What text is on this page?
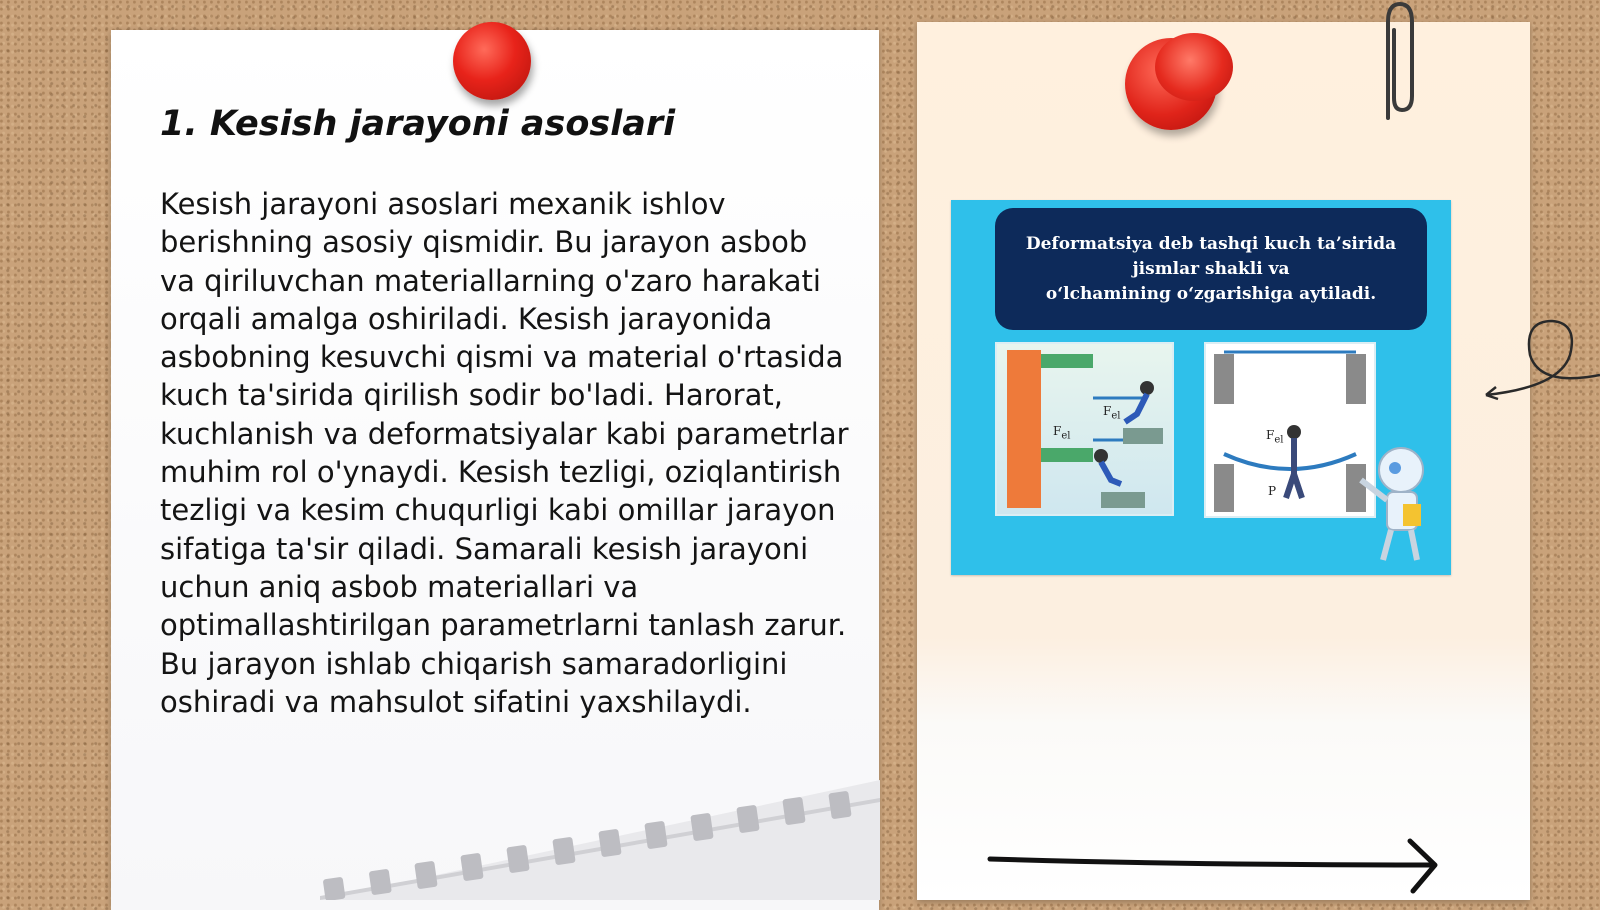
1. Kesish jarayoni asoslari

Kesish jarayoni asoslari mexanik ishlov berishning asosiy qismidir. Bu jarayon asbob va qiriluvchan materiallarning o'zaro harakati orqali amalga oshiriladi. Kesish jarayonida asbobning kesuvchi qismi va material o'rtasida kuch ta'sirida qirilish sodir bo'ladi. Harorat, kuchlanish va deformatsiyalar kabi parametrlar muhim rol o'ynaydi. Kesish tezligi, oziqlantirish tezligi va kesim chuqurligi kabi omillar jarayon sifatiga ta'sir qiladi. Samarali kesish jarayoni uchun aniq asbob materiallari va optimallashtirilgan parametrlarni tanlash zarur. Bu jarayon ishlab chiqarish samaradorligini oshiradi va mahsulot sifatini yaxshilaydi.

Deformatsiya deb tashqi kuch ta’sirida
jismlar shakli va
o‘lchamining o‘zgarishiga aytiladi.

$F_{el}$
$F_{el}$	$F_{el}$
P
